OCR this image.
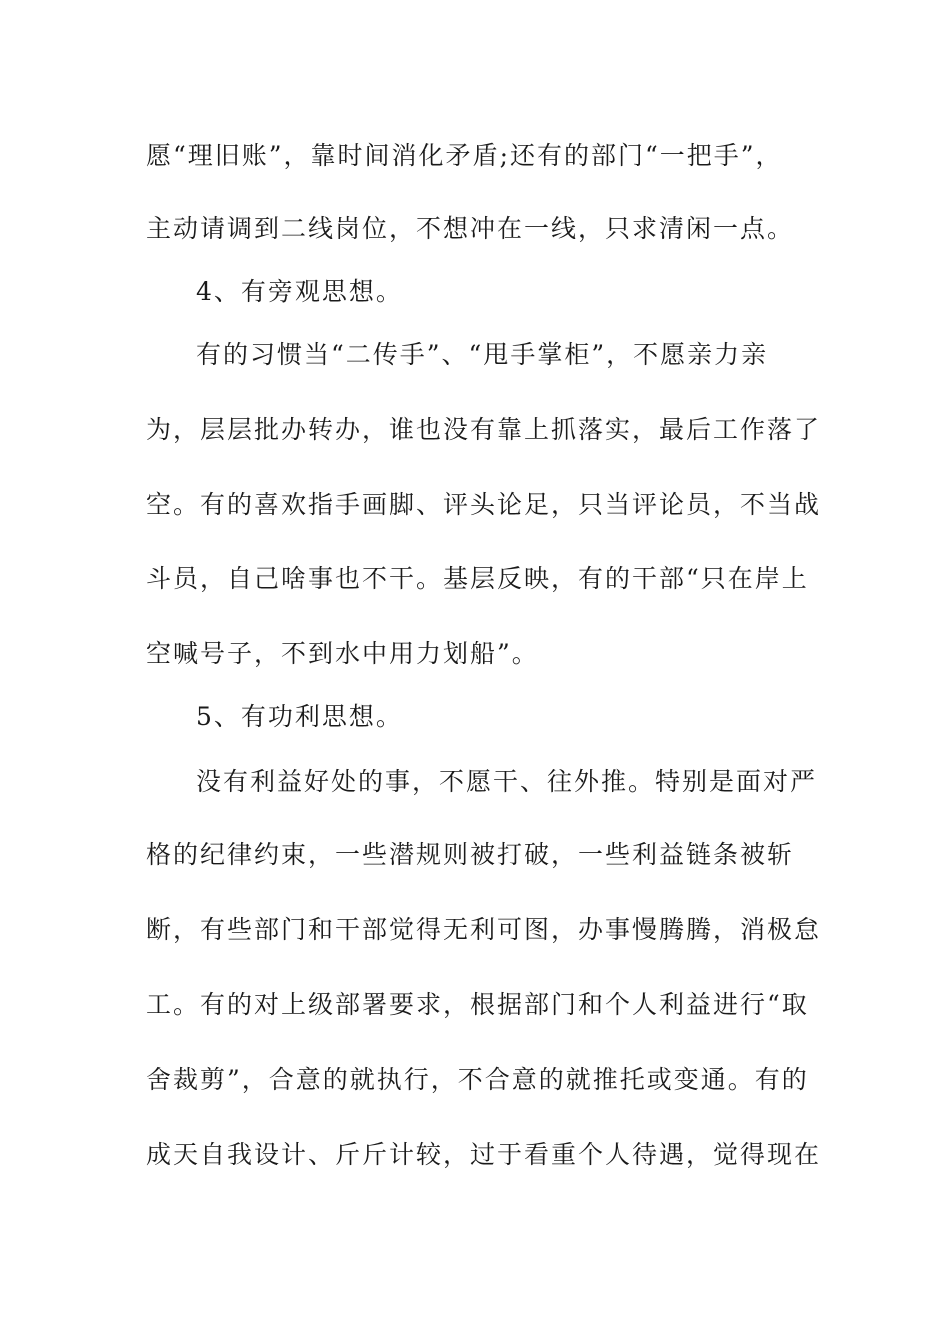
愿“理旧账”，靠时间消化矛盾;还有的部门“一把手”，
主动请调到二线岗位，不想冲在一线，只求清闲一点。
4、有旁观思想。
有的习惯当“二传手”、“甩手掌柜”，不愿亲力亲
为，层层批办转办，谁也没有靠上抓落实，最后工作落了
空。有的喜欢指手画脚、评头论足，只当评论员，不当战
斗员，自己啥事也不干。基层反映，有的干部“只在岸上
空喊号子，不到水中用力划船”。
5、有功利思想。
没有利益好处的事，不愿干、往外推。特别是面对严
格的纪律约束，一些潜规则被打破，一些利益链条被斩
断，有些部门和干部觉得无利可图，办事慢腾腾，消极怠
工。有的对上级部署要求，根据部门和个人利益进行“取
舍裁剪”，合意的就执行，不合意的就推托或变通。有的
成天自我设计、斤斤计较，过于看重个人待遇，觉得现在
